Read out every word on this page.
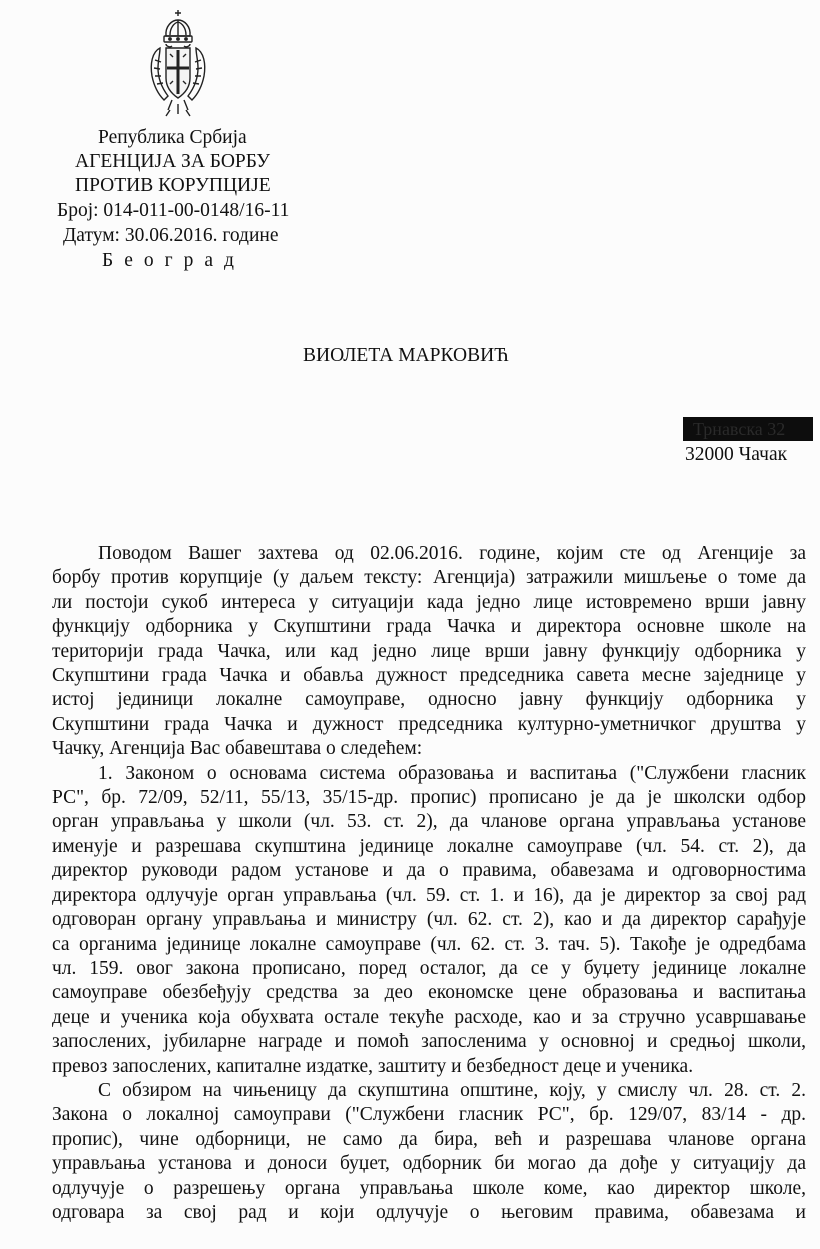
Република Србија
АГЕНЦИЈА ЗА БОРБУ
ПРОТИВ КОРУПЦИЈЕ
Број: 014-011-00-0148/16-11
Датум: 30.06.2016. године
Београд
ВИОЛЕТА МАРКОВИЋ
Трнавска 32
32000 Чачак

Поводом Вашег захтева од 02.06.2016. године, којим сте од Агенције за

борбу против корупције (у даљем тексту: Агенција) затражили мишљење о томе да

ли постоји сукоб интереса у ситуацији када једно лице истовремено врши јавну

функцију одборника у Скупштини града Чачка и директора основне школе на

територији града Чачка, или кад једно лице врши јавну функцију одборника у

Скупштини града Чачка и обавља дужност председника савета месне заједнице у

истој јединици локалне самоуправе, односно јавну функцију одборника у

Скупштини града Чачка и дужност председника културно-уметничког друштва у

Чачку, Агенција Вас обавештава о следећем:

1. Законом о основама система образовања и васпитања ("Службени гласник

РС", бр. 72/09, 52/11, 55/13, 35/15-др. пропис) прописано је да је школски одбор

орган управљања у школи (чл. 53. ст. 2), да чланове органа управљања установе

именује и разрешава скупштина јединице локалне самоуправе (чл. 54. ст. 2), да

директор руководи радом установе и да о правима, обавезама и одговорностима

директора одлучује орган управљања (чл. 59. ст. 1. и 16), да је директор за свој рад

одговоран органу управљања и министру (чл. 62. ст. 2), као и да директор сарађује

са органима јединице локалне самоуправе (чл. 62. ст. 3. тач. 5). Такође је одредбама

чл. 159. овог закона прописано, поред осталог, да се у буџету јединице локалне

самоуправе обезбеђују средства за део економске цене образовања и васпитања

деце и ученика која обухвата остале текуће расходе, као и за стручно усавршавање

запослених, јубиларне награде и помоћ запосленима у основној и средњој школи,

превоз запослених, капиталне издатке, заштиту и безбедност деце и ученика.

С обзиром на чињеницу да скупштина општине, коју, у смислу чл. 28. ст. 2.

Закона о локалној самоуправи ("Службени гласник РС", бр. 129/07, 83/14 - др.

пропис), чине одборници, не само да бира, већ и разрешава чланове органа

управљања установа и доноси буџет, одборник би могао да дође у ситуацију да

одлучује о разрешењу органа управљања школе коме, као директор школе,

одговара за свој рад и који одлучује о његовим правима, обавезама и
